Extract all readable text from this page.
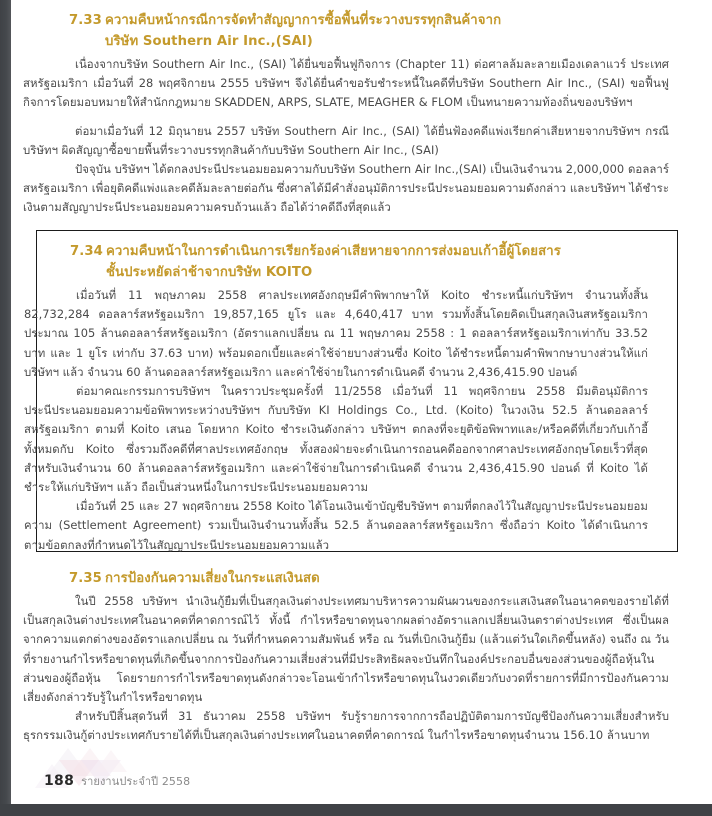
7.33 ความคืบหน้ากรณีการจัดทำสัญญาการซื้อพื้นที่ระวางบรรทุกสินค้าจาก
บริษัท Southern Air Inc.,(SAI)

เนื่องจากบริษัท Southern Air Inc., (SAI) ได้ยื่นขอฟื้นฟูกิจการ (Chapter 11) ต่อศาลล้มละลายเมืองเดลาแวร์ ประเทศสหรัฐอเมริกา เมื่อวันที่ 28 พฤศจิกายน 2555 บริษัทฯ จึงได้ยื่นคำขอรับชำระหนี้ในคดีที่บริษัท Southern Air Inc., (SAI) ขอฟื้นฟูกิจการโดยมอบหมายให้สำนักกฎหมาย SKADDEN, ARPS, SLATE, MEAGHER & FLOM เป็นทนายความท้องถิ่นของบริษัทฯ

ต่อมาเมื่อวันที่ 12 มิถุนายน 2557 บริษัท Southern Air Inc., (SAI) ได้ยื่นฟ้องคดีแพ่งเรียกค่าเสียหายจากบริษัทฯ กรณีบริษัทฯ ผิดสัญญาซื้อขายพื้นที่ระวางบรรทุกสินค้ากับบริษัท Southern Air Inc., (SAI)

ปัจจุบัน บริษัทฯ ได้ตกลงประนีประนอมยอมความกับบริษัท Southern Air Inc.,(SAI) เป็นเงินจำนวน 2,000,000 ดอลลาร์สหรัฐอเมริกา เพื่อยุติคดีแพ่งและคดีล้มละลายต่อกัน ซึ่งศาลได้มีคำสั่งอนุมัติการประนีประนอมยอมความดังกล่าว และบริษัทฯ ได้ชำระเงินตามสัญญาประนีประนอมยอมความครบถ้วนแล้ว ถือได้ว่าคดีถึงที่สุดแล้ว

7.34 ความคืบหน้าในการดำเนินการเรียกร้องค่าเสียหายจากการส่งมอบเก้าอี้ผู้โดยสาร
ชั้นประหยัดล่าช้าจากบริษัท KOITO

เมื่อวันที่ 11 พฤษภาคม 2558 ศาลประเทศอังกฤษมีคำพิพากษาให้ Koito ชำระหนี้แก่บริษัทฯ จำนวนทั้งสิ้น 82,732,284 ดอลลาร์สหรัฐอเมริกา 19,857,165 ยูโร และ 4,640,417 บาท รวมทั้งสิ้นโดยคิดเป็นสกุลเงินสหรัฐอเมริกา ประมาณ 105 ล้านดอลลาร์สหรัฐอเมริกา (อัตราแลกเปลี่ยน ณ 11 พฤษภาคม 2558 : 1 ดอลลาร์สหรัฐอเมริกาเท่ากับ 33.52 บาท และ 1 ยูโร เท่ากับ 37.63 บาท) พร้อมดอกเบี้ยและค่าใช้จ่ายบางส่วนซึ่ง Koito ได้ชำระหนี้ตามคำพิพากษาบางส่วนให้แก่บริษัทฯ แล้ว จำนวน 60 ล้านดอลลาร์สหรัฐอเมริกา และค่าใช้จ่ายในการดำเนินคดี จำนวน 2,436,415.90 ปอนด์

ต่อมาคณะกรรมการบริษัทฯ ในคราวประชุมครั้งที่ 11/2558 เมื่อวันที่ 11 พฤศจิกายน 2558 มีมติอนุมัติการประนีประนอมยอมความข้อพิพาทระหว่างบริษัทฯ กับบริษัท KI Holdings Co., Ltd. (Koito) ในวงเงิน 52.5 ล้านดอลลาร์สหรัฐอเมริกา ตามที่ Koito เสนอ โดยหาก Koito ชำระเงินดังกล่าว บริษัทฯ ตกลงที่จะยุติข้อพิพาทและ/หรือคดีที่เกี่ยวกับเก้าอี้ทั้งหมดกับ Koito ซึ่งรวมถึงคดีที่ศาลประเทศอังกฤษ ทั้งสองฝ่ายจะดำเนินการถอนคดีออกจากศาลประเทศอังกฤษโดยเร็วที่สุด สำหรับเงินจำนวน 60 ล้านดอลลาร์สหรัฐอเมริกา และค่าใช้จ่ายในการดำเนินคดี จำนวน 2,436,415.90 ปอนด์ ที่ Koito ได้ชำระให้แก่บริษัทฯ แล้ว ถือเป็นส่วนหนึ่งในการประนีประนอมยอมความ

เมื่อวันที่ 25 และ 27 พฤศจิกายน 2558 Koito ได้โอนเงินเข้าบัญชีบริษัทฯ ตามที่ตกลงไว้ในสัญญาประนีประนอมยอมความ (Settlement Agreement) รวมเป็นเงินจำนวนทั้งสิ้น 52.5 ล้านดอลลาร์สหรัฐอเมริกา ซึ่งถือว่า Koito ได้ดำเนินการ ตามข้อตกลงที่กำหนดไว้ในสัญญาประนีประนอมยอมความแล้ว

7.35 การป้องกันความเสี่ยงในกระแสเงินสด

ในปี 2558 บริษัทฯ นำเงินกู้ยืมที่เป็นสกุลเงินต่างประเทศมาบริหารความผันผวนของกระแสเงินสดในอนาคตของรายได้ที่เป็นสกุลเงินต่างประเทศในอนาคตที่คาดการณ์ไว้ ทั้งนี้ กำไรหรือขาดทุนจากผลต่างอัตราแลกเปลี่ยนเงินตราต่างประเทศ ซึ่งเป็นผลจากความแตกต่างของอัตราแลกเปลี่ยน ณ วันที่กำหนดความสัมพันธ์ หรือ ณ วันที่เบิกเงินกู้ยืม (แล้วแต่วันใดเกิดขึ้นหลัง) จนถึง ณ วันที่รายงานกำไรหรือขาดทุนที่เกิดขึ้นจากการป้องกันความเสี่ยงส่วนที่มีประสิทธิผลจะบันทึกในองค์ประกอบอื่นของส่วนของผู้ถือหุ้นในส่วนของผู้ถือหุ้น โดยรายการกำไรหรือขาดทุนดังกล่าวจะโอนเข้ากำไรหรือขาดทุนในงวดเดียวกับงวดที่รายการที่มีการป้องกันความเสี่ยงดังกล่าวรับรู้ในกำไรหรือขาดทุน

สำหรับปีสิ้นสุดวันที่ 31 ธันวาคม 2558 บริษัทฯ รับรู้รายการจากการถือปฏิบัติตามการบัญชีป้องกันความเสี่ยงสำหรับธุรกรรมเงินกู้ต่างประเทศกับรายได้ที่เป็นสกุลเงินต่างประเทศในอนาคตที่คาดการณ์ ในกำไรหรือขาดทุนจำนวน 156.10 ล้านบาท

188 รายงานประจำปี 2558
